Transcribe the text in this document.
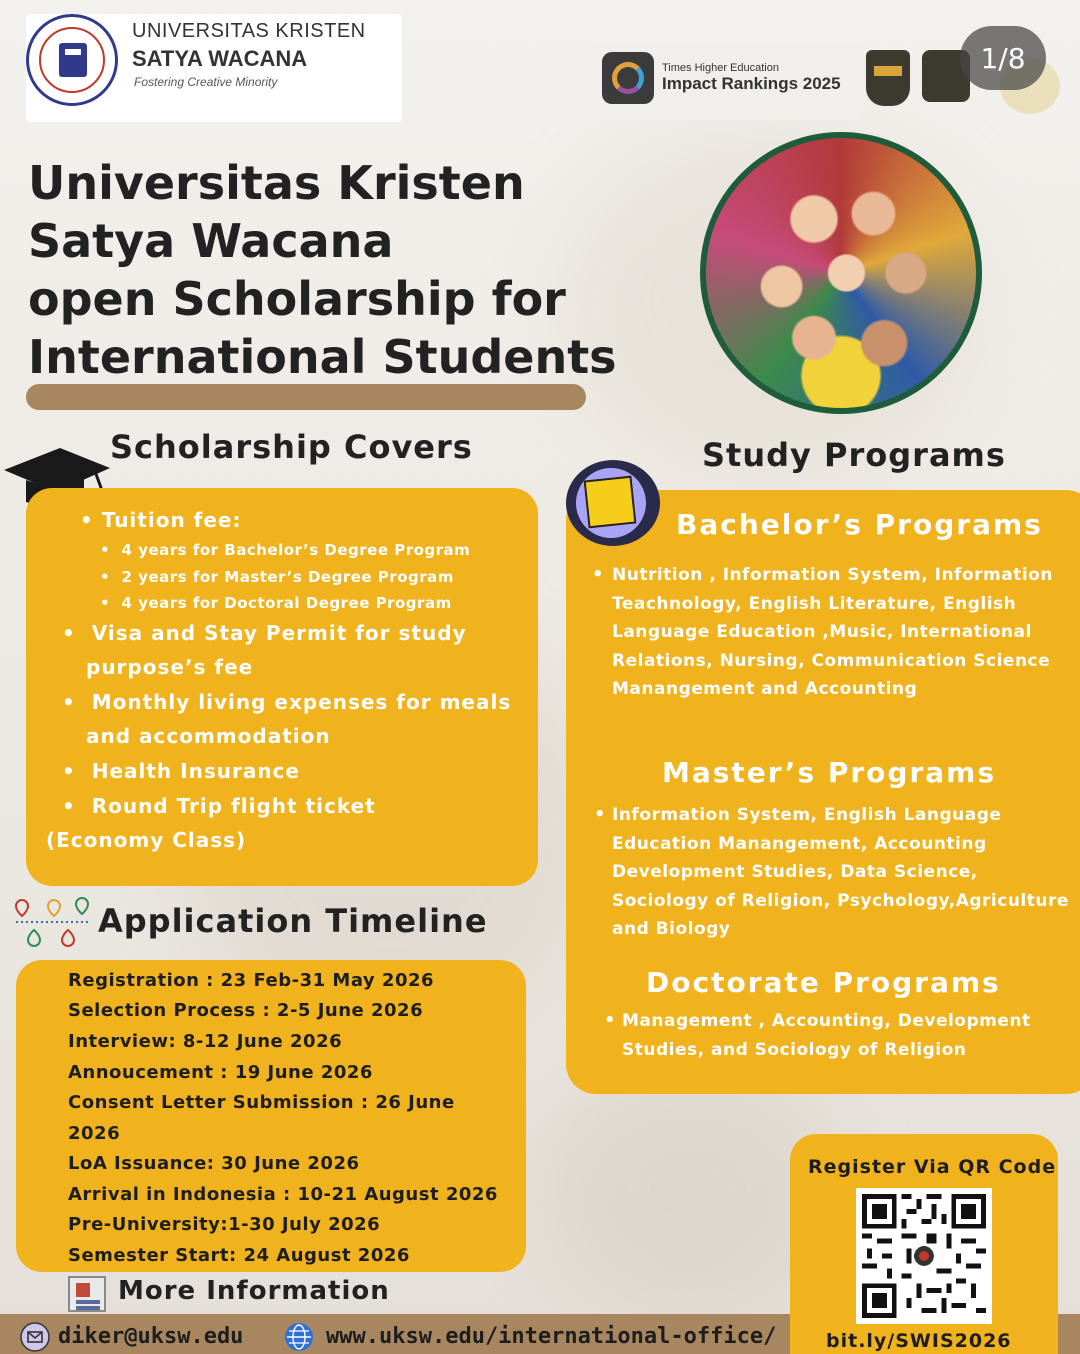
UNIVERSITAS KRISTEN
SATYA WACANA
Fostering Creative Minority
Times Higher Education
Impact Rankings 2025
1/8
Universitas Kristen
Satya Wacana
open Scholarship for
International Students
Scholarship Covers
• Tuition fee:
•  4 years for Bachelor’s Degree Program
•  2 years for Master’s Degree Program
•  4 years for Doctoral Degree Program
•  Visa and Stay Permit for study
purpose’s fee
•  Monthly living expenses for meals
and accommodation
•  Health Insurance
•  Round Trip flight ticket
(Economy Class)
Application Timeline
Registration : 23 Feb-31 May 2026
Selection Process : 2-5 June 2026
Interview: 8-12 June 2026
Annoucement : 19 June 2026
Consent Letter Submission : 26 June
2026
LoA Issuance: 30 June 2026
Arrival in Indonesia : 10-21 August 2026
Pre-University:1-30 July 2026
Semester Start: 24 August 2026
More Information
diker@uksw.edu	www.uksw.edu/international-office/
Study Programs
Bachelor’s Programs
• Nutrition , Information System, Information
Teachnology, English Literature, English
Language Education ,Music, International
Relations, Nursing, Communication Science
Manangement and Accounting
Master’s Programs
• Information System, English Language
Education Manangement, Accounting
Development Studies, Data Science,
Sociology of Religion, Psychology,Agriculture
and Biology
Doctorate Programs
• Management , Accounting, Development
Studies, and Sociology of Religion
Register Via QR Code
bit.ly/SWIS2026
